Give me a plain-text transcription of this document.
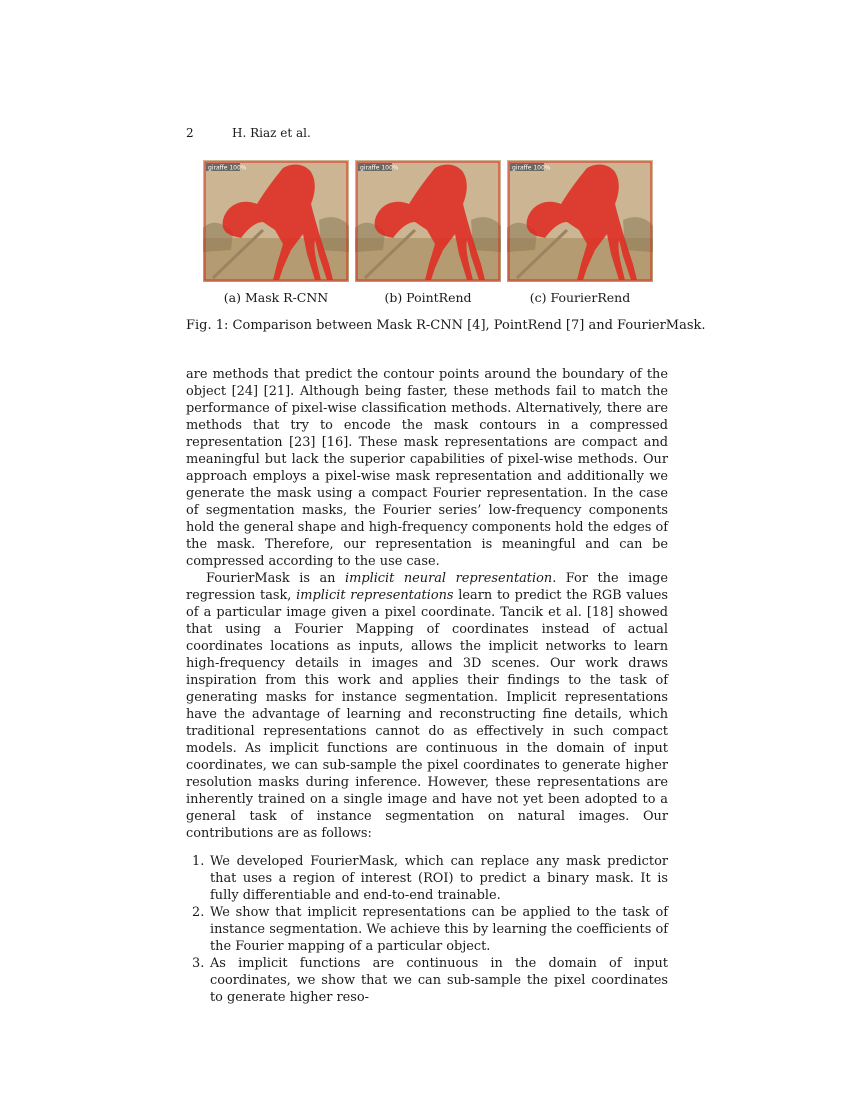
2	H. Riaz et al.
giraffe 100%
(a) Mask R-CNN
giraffe 100%
(b) PointRend
giraffe 100%
(c) FourierRend
Fig. 1: Comparison between Mask R-CNN [4], PointRend [7] and FourierMask.

are methods that predict the contour points around the boundary of the object [24] [21]. Although being faster, these methods fail to match the performance of pixel-wise classification methods. Alternatively, there are methods that try to encode the mask contours in a compressed representation [23] [16]. These mask representations are compact and meaningful but lack the superior capabilities of pixel-wise methods. Our approach employs a pixel-wise mask representation and additionally we generate the mask using a compact Fourier representation. In the case of segmentation masks, the Fourier series’ low-frequency components hold the general shape and high-frequency components hold the edges of the mask. Therefore, our representation is meaningful and can be compressed according to the use case.

FourierMask is an implicit neural representation. For the image regression task, implicit representations learn to predict the RGB values of a particular image given a pixel coordinate. Tancik et al. [18] showed that using a Fourier Mapping of coordinates instead of actual coordinates locations as inputs, allows the implicit networks to learn high-frequency details in images and 3D scenes. Our work draws inspiration from this work and applies their findings to the task of generating masks for instance segmentation. Implicit representations have the advantage of learning and reconstructing fine details, which traditional representations cannot do as effectively in such compact models. As implicit functions are continuous in the domain of input coordinates, we can sub-sample the pixel coordinates to generate higher resolution masks during inference. However, these representations are inherently trained on a single image and have not yet been adopted to a general task of instance segmentation on natural images. Our contributions are as follows:

1. We developed FourierMask, which can replace any mask predictor that uses a region of interest (ROI) to predict a binary mask. It is fully differentiable and end-to-end trainable.
2. We show that implicit representations can be applied to the task of instance segmentation. We achieve this by learning the coefficients of the Fourier mapping of a particular object.
3. As implicit functions are continuous in the domain of input coordinates, we show that we can sub-sample the pixel coordinates to generate higher reso-
